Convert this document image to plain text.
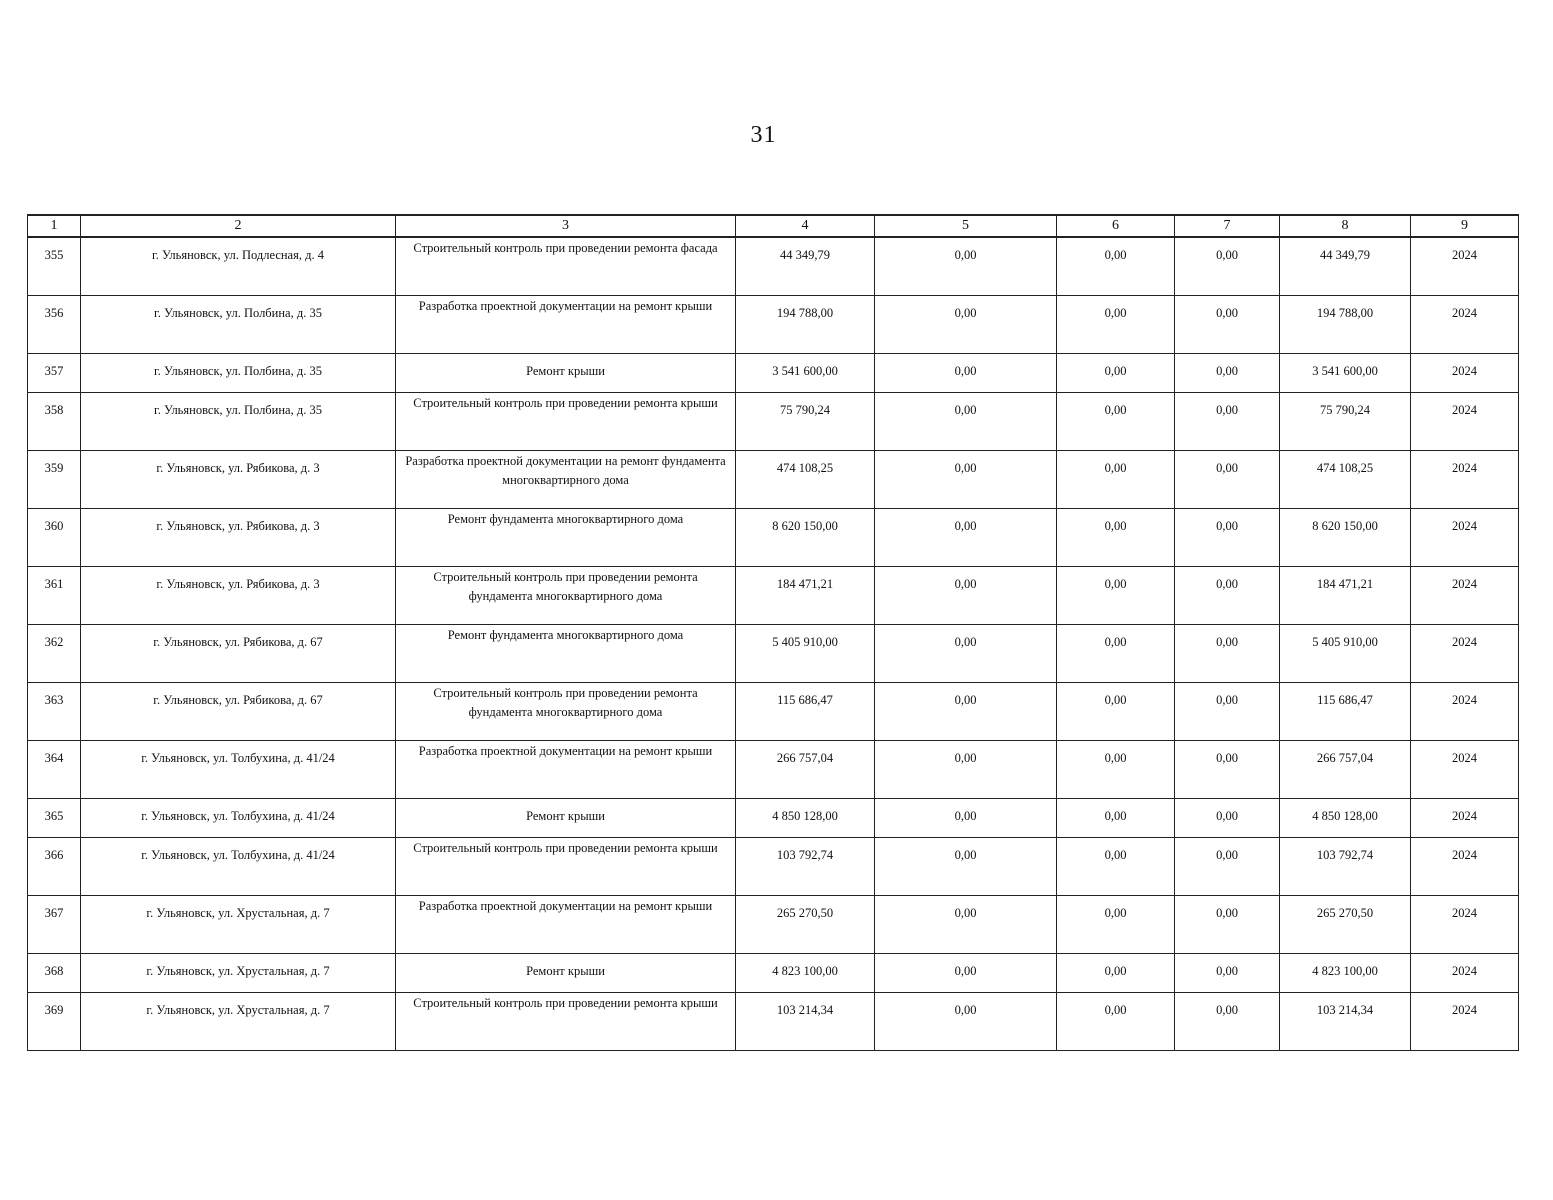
31
1	2	3	4	5	6	7	8	9
355	г. Ульяновск, ул. Подлесная, д. 4	Строительный контроль при проведении ремонта фасада	44 349,79	0,00	0,00	0,00	44 349,79	2024
356	г. Ульяновск, ул. Полбина, д. 35	Разработка проектной документации на ремонт крыши	194 788,00	0,00	0,00	0,00	194 788,00	2024
357	г. Ульяновск, ул. Полбина, д. 35	Ремонт крыши	3 541 600,00	0,00	0,00	0,00	3 541 600,00	2024
358	г. Ульяновск, ул. Полбина, д. 35	Строительный контроль при проведении ремонта крыши	75 790,24	0,00	0,00	0,00	75 790,24	2024
359	г. Ульяновск, ул. Рябикова, д. 3	Разработка проектной документации на ремонт фундамента многоквартирного дома	474 108,25	0,00	0,00	0,00	474 108,25	2024
360	г. Ульяновск, ул. Рябикова, д. 3	Ремонт фундамента многоквартирного дома	8 620 150,00	0,00	0,00	0,00	8 620 150,00	2024
361	г. Ульяновск, ул. Рябикова, д. 3	Строительный контроль при проведении ремонта фундамента многоквартирного дома	184 471,21	0,00	0,00	0,00	184 471,21	2024
362	г. Ульяновск, ул. Рябикова, д. 67	Ремонт фундамента многоквартирного дома	5 405 910,00	0,00	0,00	0,00	5 405 910,00	2024
363	г. Ульяновск, ул. Рябикова, д. 67	Строительный контроль при проведении ремонта фундамента многоквартирного дома	115 686,47	0,00	0,00	0,00	115 686,47	2024
364	г. Ульяновск, ул. Толбухина, д. 41/24	Разработка проектной документации на ремонт крыши	266 757,04	0,00	0,00	0,00	266 757,04	2024
365	г. Ульяновск, ул. Толбухина, д. 41/24	Ремонт крыши	4 850 128,00	0,00	0,00	0,00	4 850 128,00	2024
366	г. Ульяновск, ул. Толбухина, д. 41/24	Строительный контроль при проведении ремонта крыши	103 792,74	0,00	0,00	0,00	103 792,74	2024
367	г. Ульяновск, ул. Хрустальная, д. 7	Разработка проектной документации на ремонт крыши	265 270,50	0,00	0,00	0,00	265 270,50	2024
368	г. Ульяновск, ул. Хрустальная, д. 7	Ремонт крыши	4 823 100,00	0,00	0,00	0,00	4 823 100,00	2024
369	г. Ульяновск, ул. Хрустальная, д. 7	Строительный контроль при проведении ремонта крыши	103 214,34	0,00	0,00	0,00	103 214,34	2024
